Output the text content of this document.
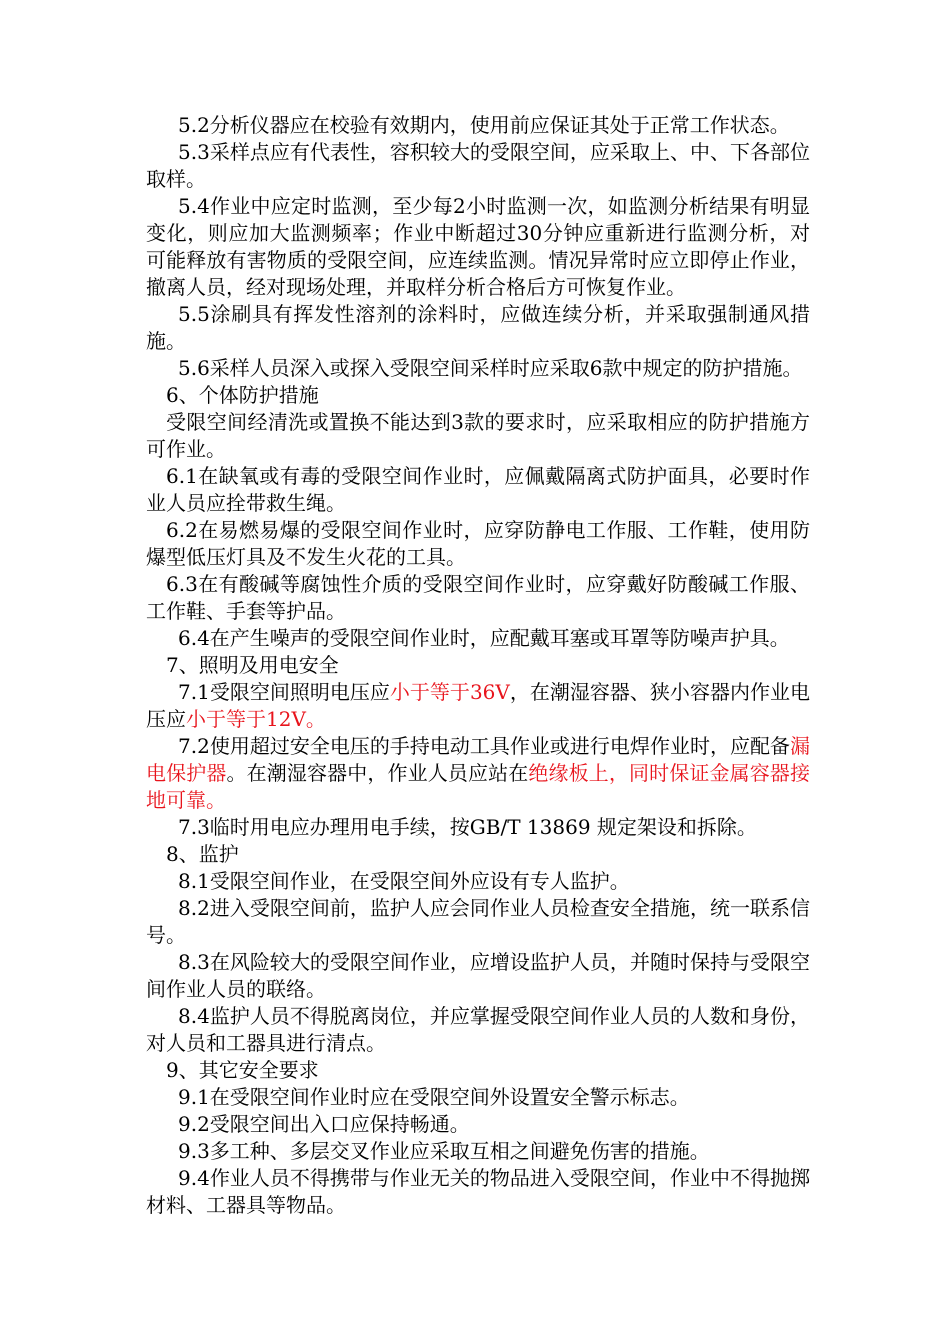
5.2分析仪器应在校验有效期内，使用前应保证其处于正常工作状态。

5.3采样点应有代表性，容积较大的受限空间，应采取上、中、下各部位取样。

5.4作业中应定时监测，至少每2小时监测一次，如监测分析结果有明显变化，则应加大监测频率；作业中断超过30分钟应重新进行监测分析，对可能释放有害物质的受限空间，应连续监测。情况异常时应立即停止作业，撤离人员，经对现场处理，并取样分析合格后方可恢复作业。

5.5涂刷具有挥发性溶剂的涂料时，应做连续分析，并采取强制通风措施。

5.6采样人员深入或探入受限空间采样时应采取6款中规定的防护措施。

6、个体防护措施

受限空间经清洗或置换不能达到3款的要求时，应采取相应的防护措施方可作业。

6.1在缺氧或有毒的受限空间作业时，应佩戴隔离式防护面具，必要时作业人员应拴带救生绳。

6.2在易燃易爆的受限空间作业时，应穿防静电工作服、工作鞋，使用防爆型低压灯具及不发生火花的工具。

6.3在有酸碱等腐蚀性介质的受限空间作业时，应穿戴好防酸碱工作服、工作鞋、手套等护品。

6.4在产生噪声的受限空间作业时，应配戴耳塞或耳罩等防噪声护具。

7、照明及用电安全

7.1受限空间照明电压应小于等于36V，在潮湿容器、狭小容器内作业电压应小于等于12V。

7.2使用超过安全电压的手持电动工具作业或进行电焊作业时，应配备漏电保护器。在潮湿容器中，作业人员应站在绝缘板上，同时保证金属容器接地可靠。

7.3临时用电应办理用电手续，按GB/T 13869 规定架设和拆除。

8、监护

8.1受限空间作业，在受限空间外应设有专人监护。

8.2进入受限空间前，监护人应会同作业人员检查安全措施，统一联系信号。

8.3在风险较大的受限空间作业，应增设监护人员，并随时保持与受限空间作业人员的联络。

8.4监护人员不得脱离岗位，并应掌握受限空间作业人员的人数和身份，对人员和工器具进行清点。

9、其它安全要求

9.1在受限空间作业时应在受限空间外设置安全警示标志。

9.2受限空间出入口应保持畅通。

9.3多工种、多层交叉作业应采取互相之间避免伤害的措施。

9.4作业人员不得携带与作业无关的物品进入受限空间，作业中不得抛掷材料、工器具等物品。
